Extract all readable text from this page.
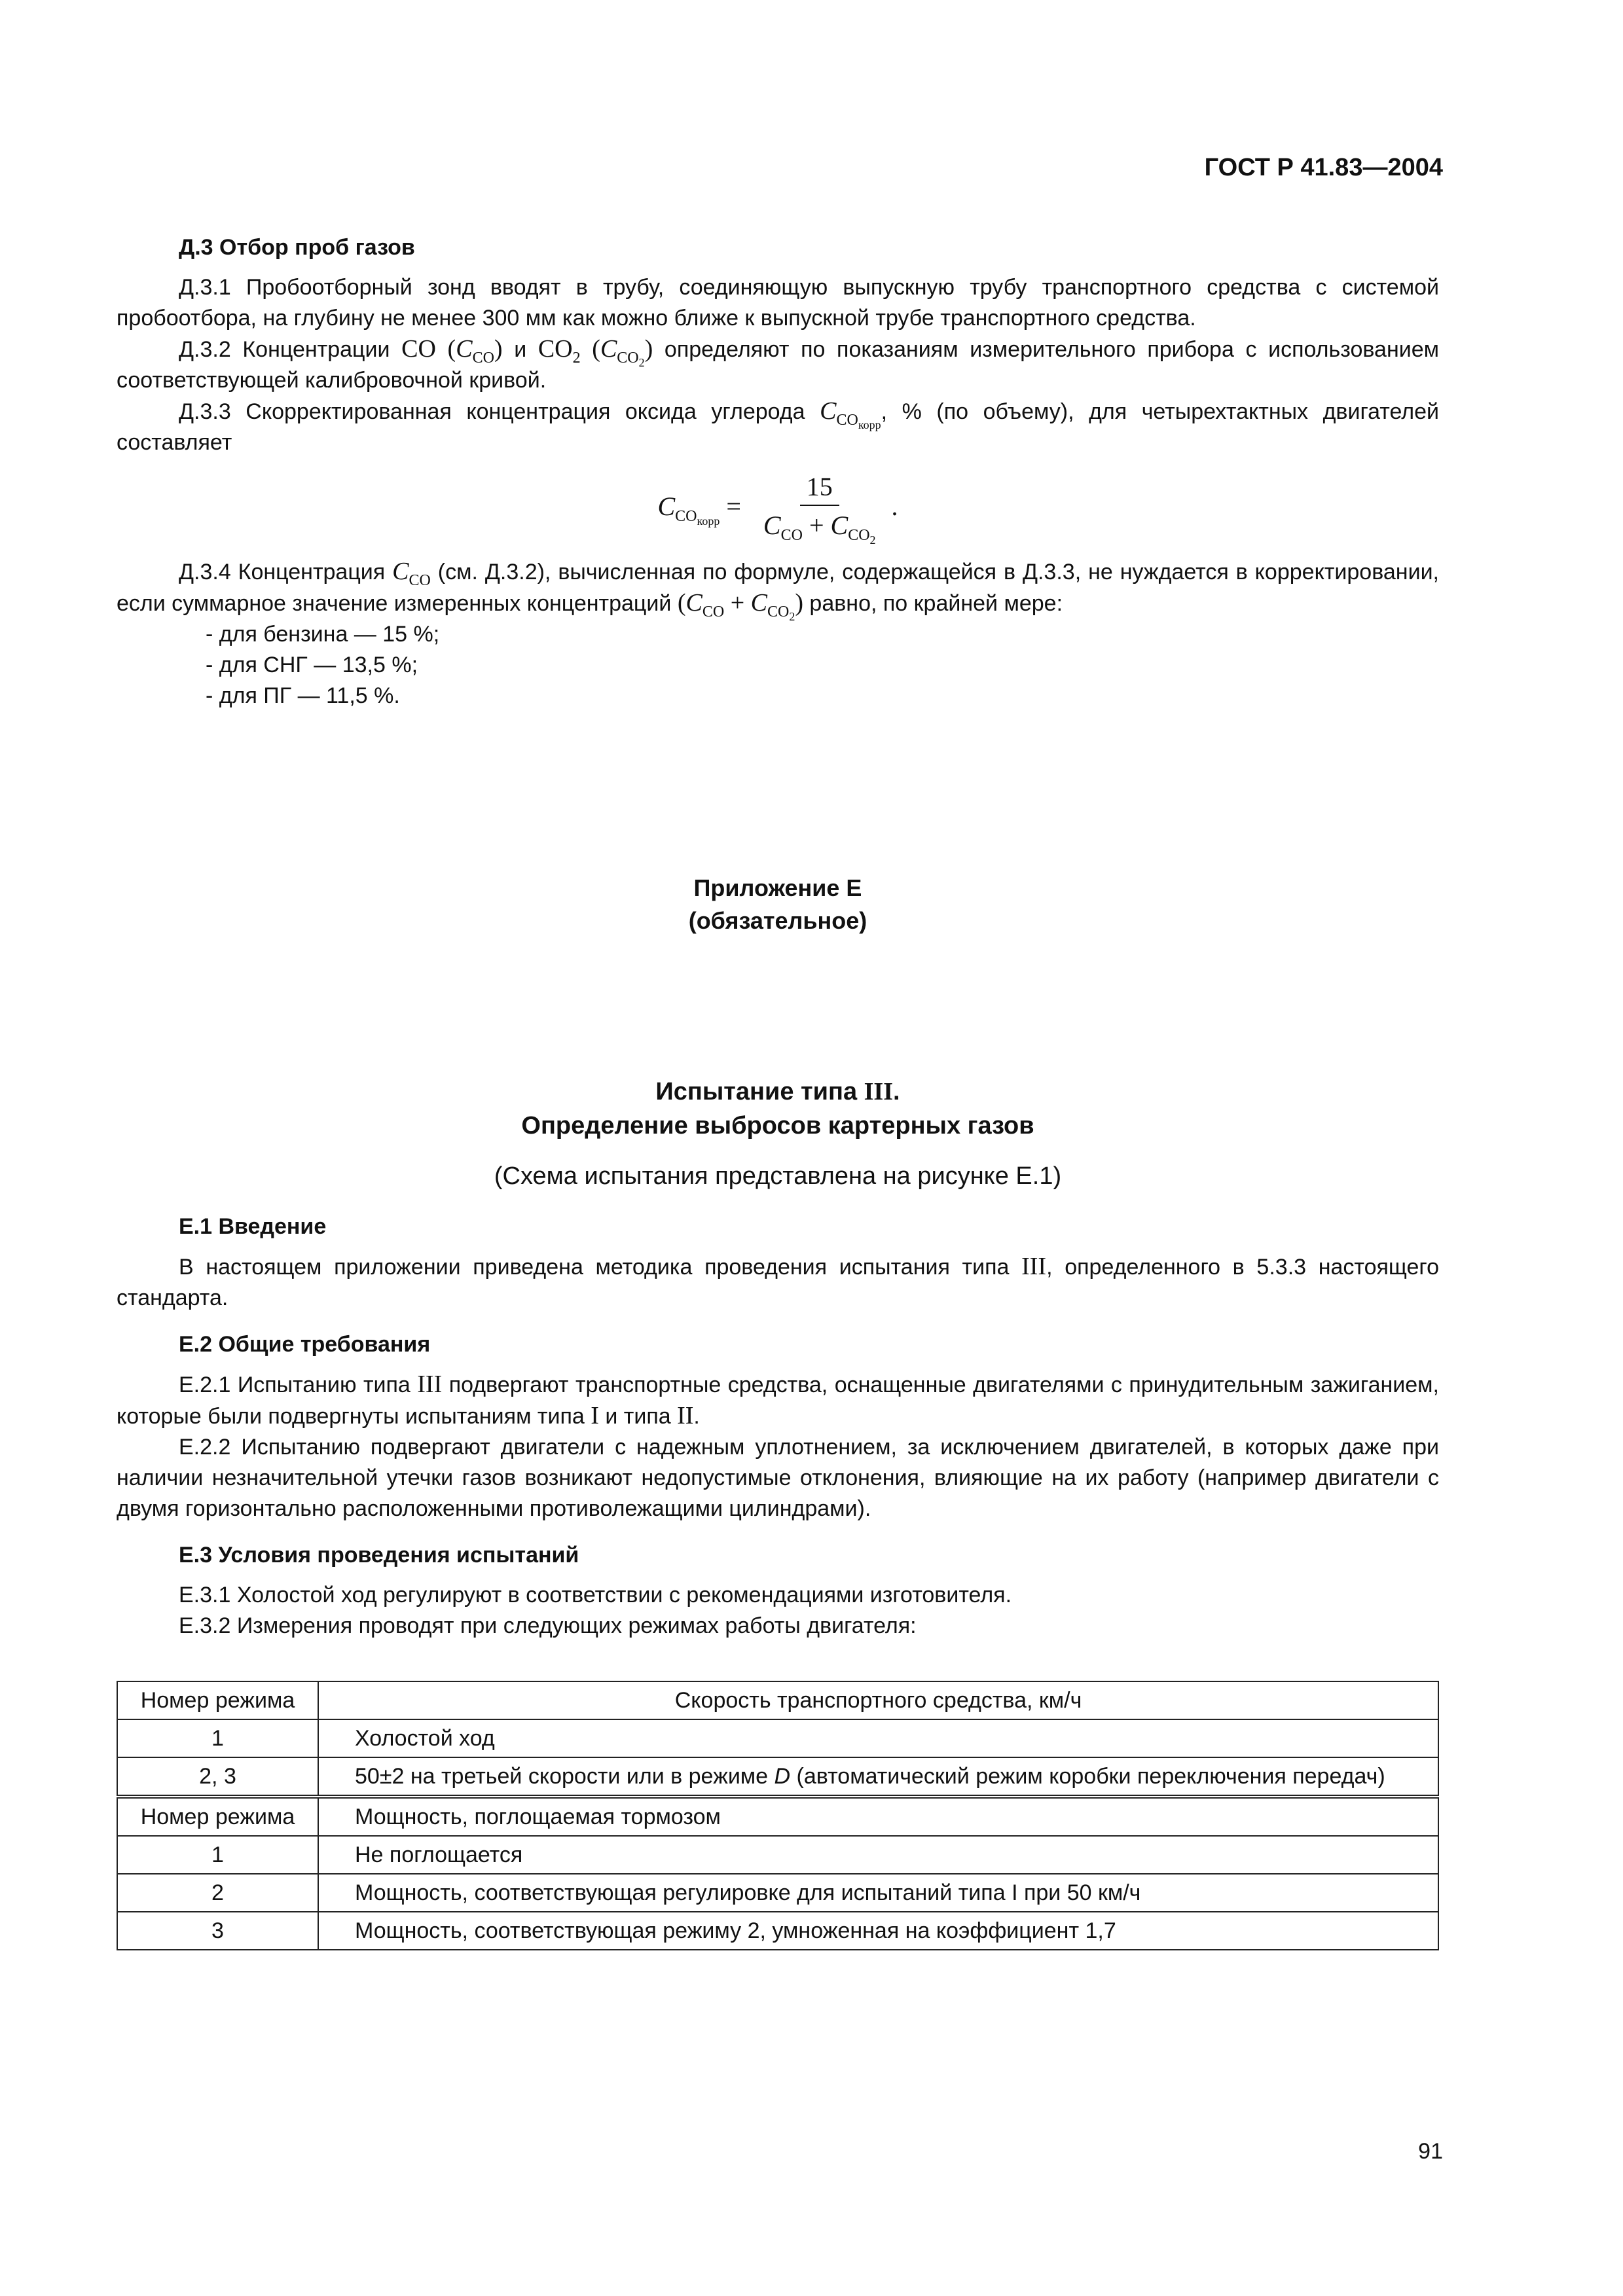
ГОСТ Р 41.83—2004

Д.3 Отбор проб газов

Д.3.1 Пробоотборный зонд вводят в трубу, соединяющую выпускную трубу транспортного средства с системой пробоотбора, на глубину не менее 300 мм как можно ближе к выпускной трубе транспортного средства.

Д.3.2 Концентрации CO $(C_{CO})$ и $CO_2$ $(C_{CO_2})$ определяют по показаниям измерительного прибора с использованием соответствующей калибровочной кривой.

Д.3.3 Скорректированная концентрация оксида углерода $C_{CO_{корр}}$, % (по объему), для четырехтактных двигателей составляет

$C_{CO_{корр}} = \frac{15}{C_{CO} + C_{CO_2}}$ .

Д.3.4 Концентрация $C_{CO}$ (см. Д.3.2), вычисленная по формуле, содержащейся в Д.3.3, не нуждается в корректировании, если суммарное значение измеренных концентраций $(C_{CO} + C_{CO_2})$ равно, по крайней мере:

- для бензина — 15 %;

- для СНГ — 13,5 %;

- для ПГ — 11,5 %.

Приложение Е
(обязательное)
Испытание типа III.
Определение выбросов картерных газов
(Схема испытания представлена на рисунке Е.1)

Е.1 Введение

В настоящем приложении приведена методика проведения испытания типа III, определенного в 5.3.3 настоящего стандарта.

Е.2 Общие требования

Е.2.1 Испытанию типа III подвергают транспортные средства, оснащенные двигателями с принудительным зажиганием, которые были подвергнуты испытаниям типа I и типа II.

Е.2.2 Испытанию подвергают двигатели с надежным уплотнением, за исключением двигателей, в которых даже при наличии незначительной утечки газов возникают недопустимые отклонения, влияющие на их работу (например двигатели с двумя горизонтально расположенными противолежащими цилиндрами).

Е.3 Условия проведения испытаний

Е.3.1 Холостой ход регулируют в соответствии с рекомендациями изготовителя.

Е.3.2 Измерения проводят при следующих режимах работы двигателя:

Номер режима	Скорость транспортного средства, км/ч
1	Холостой ход
2, 3	50±2 на третьей скорости или в режиме D (автоматический режим коробки переключения передач)
Номер режима	Мощность, поглощаемая тормозом
1	Не поглощается
2	Мощность, соответствующая регулировке для испытаний типа I при 50 км/ч
3	Мощность, соответствующая режиму 2, умноженная на коэффициент 1,7
91
